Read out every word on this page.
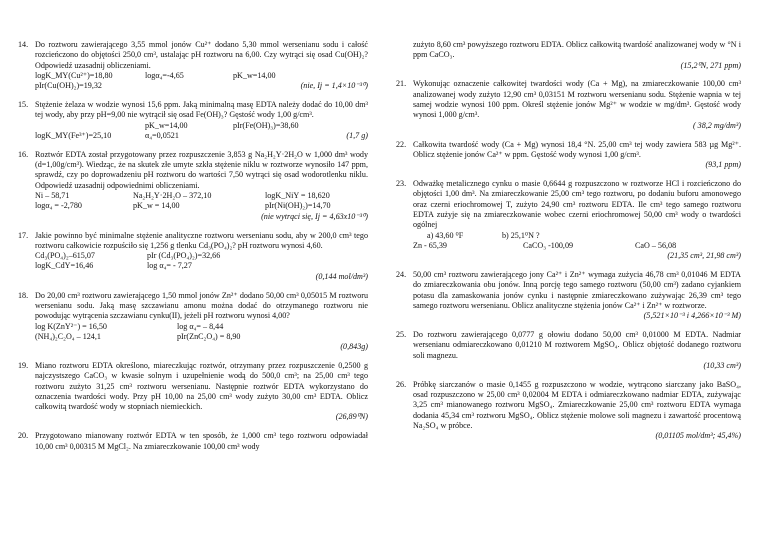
14. Do roztworu zawierającego 3,55 mmol jonów Cu²⁺ dodano 5,30 mmol wersenianu sodu i całość rozcieńczono do objętości 250,0 cm³, ustalając pH roztworu na 6,00. Czy wytrąci się osad Cu(OH)₂? Odpowiedź uzasadnij obliczeniami.

logK_MY(Cu²⁺)=18,80	logα₄=-4,65	pK_w=14,00
pIr(Cu(OH)₂)=19,32	(nie, Ij = 1,4×10⁻³⁰)
15. Stężenie żelaza w wodzie wynosi 15,6 ppm. Jaką minimalną masę EDTA należy dodać do 10,00 dm³ tej wody, aby przy pH=9,00 nie wytrącił się osad Fe(OH)₃? Gęstość wody 1,00 g/cm³.

pK_w=14,00	pIr(Fe(OH)₃)=38,60
logK_MY(Fe³⁺)=25,10	α₄=0,0521	(1,7 g)
16. Roztwór EDTA został przygotowany przez rozpuszczenie 3,853 g Na₂H₂Y·2H₂O w 1,000 dm³ wody (d=1,00g/cm³). Wiedząc, że na skutek złe umyte szkła stężenie niklu w roztworze wynosiło 147 ppm, sprawdź, czy po doprowadzeniu pH roztworu do wartości 7,50 wytrąci się osad wodorotlenku niklu. Odpowiedź uzasadnij odpowiednimi obliczeniami.

Ni – 58,71	Na₂H₂Y·2H₂O – 372,10	logK_NiY = 18,620
logα₄ = -2,780	pK_w = 14,00	pIr(Ni(OH)₂)=14,70
(nie wytrąci się, Ij = 4,63x10⁻³⁰)
17. Jakie powinno być minimalne stężenie analityczne roztworu wersenianu sodu, aby w 200,0 cm³ tego roztworu całkowicie rozpuściło się 1,256 g tlenku Cd₃(PO₄)₂? pH roztworu wynosi 4,60.

Cd₃(PO₄)₂–615,07	pIr (Cd₃(PO₄)₂)=32,66
logK_CdY=16,46	log α₄= - 7,27
(0,144 mol/dm³)
18. Do 20,00 cm³ roztworu zawierającego 1,50 mmol jonów Zn²⁺ dodano 50,00 cm³ 0,05015 M roztworu wersenianu sodu. Jaką masę szczawianu amonu można dodać do otrzymanego roztworu nie powodując wytrącenia szczawianu cynku(II), jeżeli pH roztworu wynosi 4,00?

log K(ZnY²⁻) = 16,50	log α₄= – 8,44
(NH₄)₂C₂O₄ – 124,1	pIr(ZnC₂O₄) = 8,90
(0,843g)
19. Miano roztworu EDTA określono, miareczkując roztwór, otrzymany przez rozpuszczenie 0,2500 g najczystszego CaCO₃ w kwasie solnym i uzupełnienie wodą do 500,0 cm³; na 25,00 cm³ tego roztworu zużyto 31,25 cm³ roztworu wersenianu. Następnie roztwór EDTA wykorzystano do oznaczenia twardości wody. Przy pH 10,00 na 25,00 cm³ wody zużyto 30,00 cm³ EDTA. Oblicz całkowitą twardość wody w stopniach niemieckich.

(26,89⁰N)
20. Przygotowano mianowany roztwór EDTA w ten sposób, że 1,000 cm³ tego roztworu odpowiadał 10,00 cm³ 0,00315 M MgCl₂. Na zmiareczkowanie 100,00 cm³ wody

zużyto 8,60 cm³ powyższego roztworu EDTA. Oblicz całkowitą twardość analizowanej wody w °N i ppm CaCO₃.

(15,2⁰N, 271 ppm)
21. Wykonując oznaczenie całkowitej twardości wody (Ca + Mg), na zmiareczkowanie 100,00 cm³ analizowanej wody zużyto 12,90 cm³ 0,03151 M roztworu wersenianu sodu. Stężenie wapnia w tej samej wodzie wynosi 100 ppm. Określ stężenie jonów Mg²⁺ w wodzie w mg/dm³. Gęstość wody wynosi 1,000 g/cm³.

( 38,2 mg/dm³)
22. Całkowita twardość wody (Ca + Mg) wynosi 18,4 °N. 25,00 cm³ tej wody zawiera 583 µg Mg²⁺. Oblicz stężenie jonów Ca²⁺ w ppm. Gęstość wody wynosi 1,00 g/cm³.

(93,1 ppm)
23. Odważkę metalicznego cynku o masie 0,6644 g rozpuszczono w roztworze HCl i rozcieńczono do objętości 1,00 dm³. Na zmiareczkowanie 25,00 cm³ tego roztworu, po dodaniu buforu amonowego oraz czerni eriochromowej T, zużyto 24,90 cm³ roztworu EDTA. Ile cm³ tego samego roztworu EDTA zużyje się na zmiareczkowanie wobec czerni eriochromowej 50,00 cm³ wody o twardości ogólnej

a) 43,60 ⁰F	b) 25,1⁰N ?
Zn - 65,39	CaCO₃ -100,09	CaO – 56,08
(21,35 cm³, 21,98 cm³)
24. 50,00 cm³ roztworu zawierającego jony Ca²⁺ i Zn²⁺ wymaga zużycia 46,78 cm³ 0,01046 M EDTA do zmiareczkowania obu jonów. Inną porcję tego samego roztworu (50,00 cm³) zadano cyjankiem potasu dla zamaskowania jonów cynku i następnie zmiareczkowano zużywając 26,39 cm³ tego samego roztworu wersenianu. Oblicz analityczne stężenia jonów Ca²⁺ i Zn²⁺ w roztworze.

(5,521×10⁻³ i 4,266×10⁻³ M)
25. Do roztworu zawierającego 0,0777 g ołowiu dodano 50,00 cm³ 0,01000 M EDTA. Nadmiar wersenianu odmiareczkowano 0,01210 M roztworem MgSO₄. Oblicz objętość dodanego roztworu soli magnezu.

(10,33 cm³)
26. Próbkę siarczanów o masie 0,1455 g rozpuszczono w wodzie, wytrącono siarczany jako BaSO₄, osad rozpuszczono w 25,00 cm³ 0,02004 M EDTA i odmiareczkowano nadmiar EDTA, zużywając 3,25 cm³ mianowanego roztworu MgSO₄. Zmiareczkowanie 25,00 cm³ roztworu EDTA wymaga dodania 45,34 cm³ roztworu MgSO₄. Oblicz stężenie molowe soli magnezu i zawartość procentową Na₂SO₄ w próbce.

(0,01105 mol/dm³; 45,4%)
